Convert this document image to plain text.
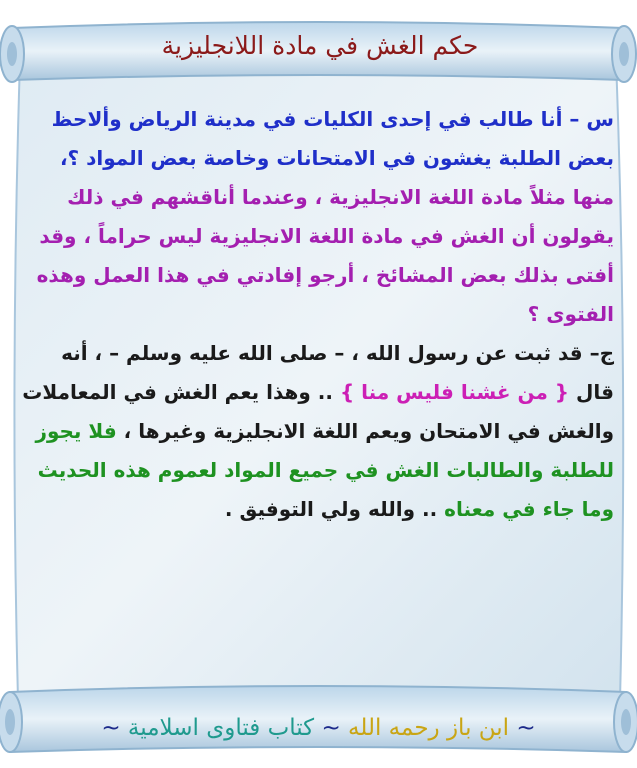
حكم الغش في مادة اللانجليزية

س – أنا طالب في إحدى الكليات في مدينة الرياض وألاحظ بعض الطلبة يغشون في الامتحانات وخاصة بعض المواد ؟، منها مثلاً مادة اللغة الانجليزية ، وعندما أناقشهم في ذلك يقولون أن الغش في مادة اللغة الانجليزية ليس حراماً ، وقد أفتى بذلك بعض المشائخ ، أرجو إفادتي في هذا العمل وهذه الفتوى ؟

ج– قد ثبت عن رسول الله ، – صلى الله عليه وسلم – ، أنه قال { من غشنا فليس منا } .. وهذا يعم الغش في المعاملات والغش في الامتحان ويعم اللغة الانجليزية وغيرها ، فلا يجوز للطلبة والطالبات الغش في جميع المواد لعموم هذه الحديث وما جاء في معناه .. والله ولي التوفيق .

~ ابن باز رحمه الله ~ كتاب فتاوى اسلامية ~
